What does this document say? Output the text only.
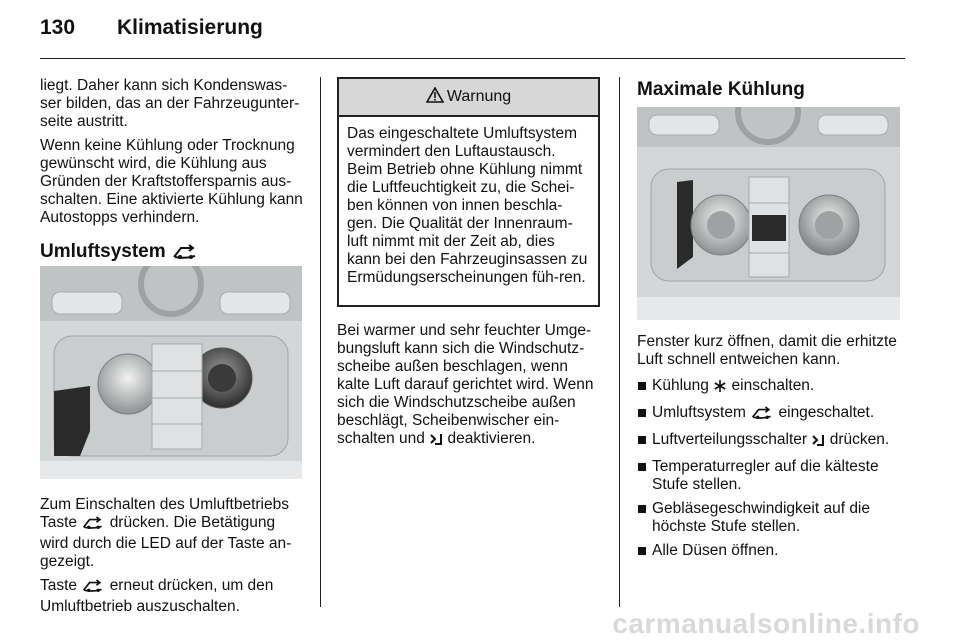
130 Klimatisierung

liegt. Daher kann sich Kondenswas-ser bilden, das an der Fahrzeugunter-seite austritt.

Wenn keine Kühlung oder Trocknung gewünscht wird, die Kühlung aus Gründen der Kraftstoffersparnis aus-schalten. Eine aktivierte Kühlung kann Autostopps verhindern.

Umluftsystem

Zum Einschalten des Umluftbetriebs Taste drücken. Die Betätigung wird durch die LED auf der Taste an-gezeigt.

Taste erneut drücken, um den Umluftbetrieb auszuschalten.

Warnung
Das eingeschaltete Umluftsystem vermindert den Luftaustausch. Beim Betrieb ohne Kühlung nimmt die Luftfeuchtigkeit zu, die Schei-ben können von innen beschla-gen. Die Qualität der Innenraum-luft nimmt mit der Zeit ab, dies kann bei den Fahrzeuginsassen zu Ermüdungserscheinungen füh-ren.

Bei warmer und sehr feuchter Umge-bungsluft kann sich die Windschutz-scheibe außen beschlagen, wenn kalte Luft darauf gerichtet wird. Wenn sich die Windschutzscheibe außen beschlägt, Scheibenwischer ein-schalten und deaktivieren.

Maximale Kühlung

Fenster kurz öffnen, damit die erhitzte Luft schnell entweichen kann.

Kühlung einschalten.
Umluftsystem eingeschaltet.
Luftverteilungsschalter drücken.
Temperaturregler auf die kälteste Stufe stellen.
Gebläsegeschwindigkeit auf die höchste Stufe stellen.
Alle Düsen öffnen.
carmanualsonline.info
